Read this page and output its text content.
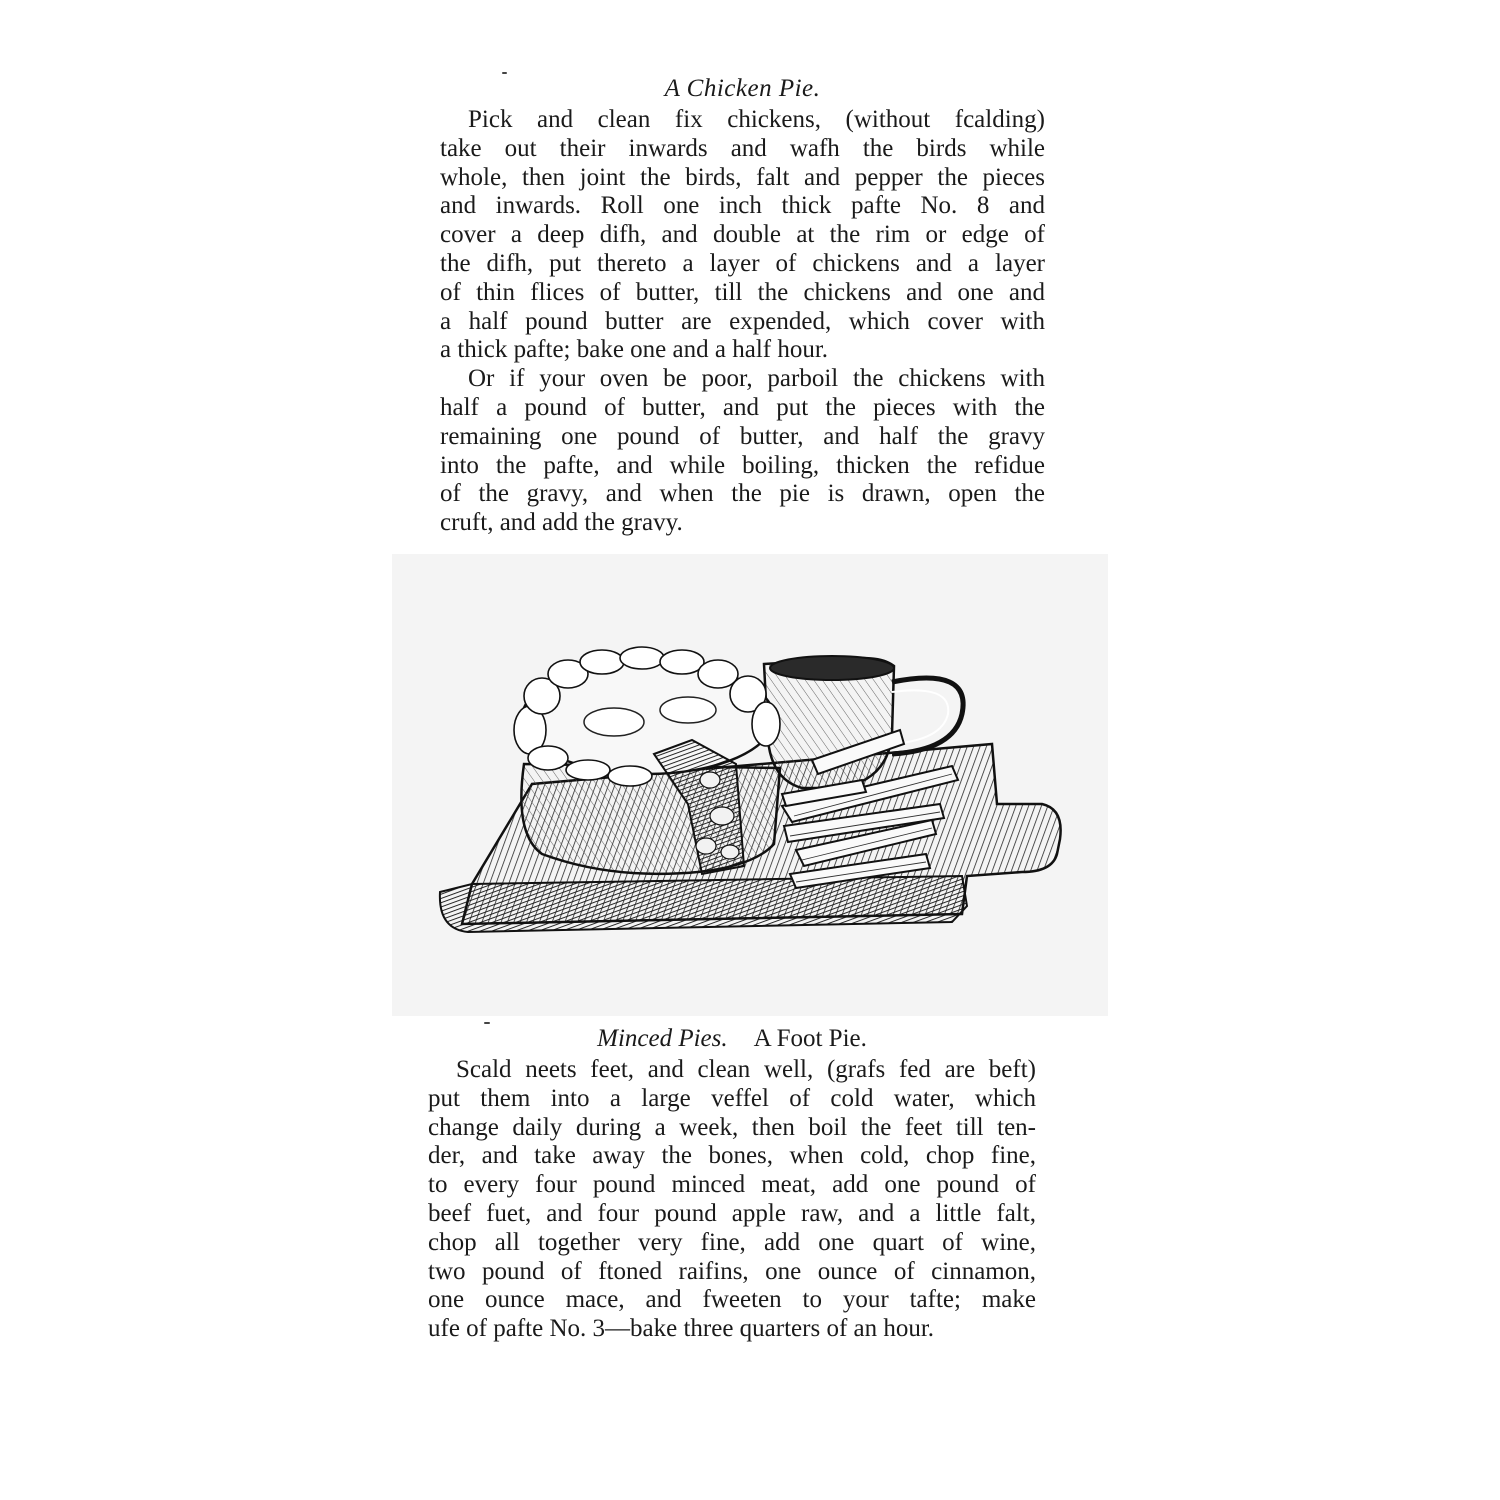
A Chicken Pie.

Pick and clean fix chickens, (without fcalding)
take out their inwards and wafh the birds while
whole, then joint the birds, falt and pepper the pieces
and inwards. Roll one inch thick pafte No. 8 and
cover a deep difh, and double at the rim or edge of
the difh, put thereto a layer of chickens and a layer
of thin flices of butter, till the chickens and one and
a half pound butter are expended, which cover with
a thick pafte; bake one and a half hour.

Or if your oven be poor, parboil the chickens with
half a pound of butter, and put the pieces with the
remaining one pound of butter, and half the gravy
into the pafte, and while boiling, thicken the refidue
of the gravy, and when the pie is drawn, open the
cruft, and add the gravy.

Minced Pies. A Foot Pie.

Scald neets feet, and clean well, (grafs fed are beft)
put them into a large veffel of cold water, which
change daily during a week, then boil the feet till ten-
der, and take away the bones, when cold, chop fine,
to every four pound minced meat, add one pound of
beef fuet, and four pound apple raw, and a little falt,
chop all together very fine, add one quart of wine,
two pound of ftoned raifins, one ounce of cinnamon,
one ounce mace, and fweeten to your tafte; make
ufe of pafte No. 3—bake three quarters of an hour.
